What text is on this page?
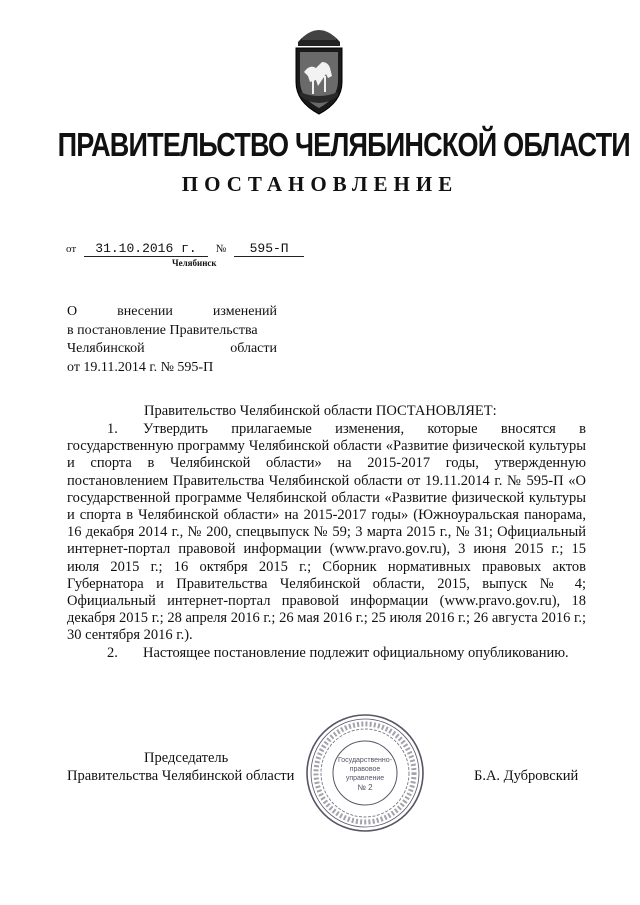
ПРАВИТЕЛЬСТВО ЧЕЛЯБИНСКОЙ ОБЛАСТИ
ПОСТАНОВЛЕНИЕ
от 31.10.2016 г. № 595-П
Челябинск
О	внесении	изменений
в постановление Правительства
Челябинской	области
от 19.11.2014 г. № 595-П
Правительство Челябинской области ПОСТАНОВЛЯЕТ:

1. Утвердить прилагаемые изменения, которые вносятся в государственную программу Челябинской области «Развитие физической культуры и спорта в Челябинской области» на 2015-2017 годы, утвержденную постановлением Правительства Челябинской области от 19.11.2014 г. № 595-П «О государственной программе Челябинской области «Развитие физической культуры и спорта в Челябинской области» на 2015-2017 годы» (Южноуральская панорама, 16 декабря 2014 г., № 200, спецвыпуск № 59; 3 марта 2015 г., № 31; Официальный интернет-портал правовой информации (www.pravo.gov.ru), 3 июня 2015 г.; 15 июля 2015 г.; 16 октября 2015 г.; Сборник нормативных правовых актов Губернатора и Правительства Челябинской области, 2015, выпуск № 4; Официальный интернет-портал правовой информации (www.pravo.gov.ru), 18 декабря 2015 г.; 28 апреля 2016 г.; 26 мая 2016 г.; 25 июля 2016 г.; 26 августа 2016 г.; 30 сентября 2016 г.).

2. Настоящее постановление подлежит официальному опубликованию.

Председатель
Правительства Челябинской области	Б.А. Дубровский
Государственно-
правовое
управление
№ 2
